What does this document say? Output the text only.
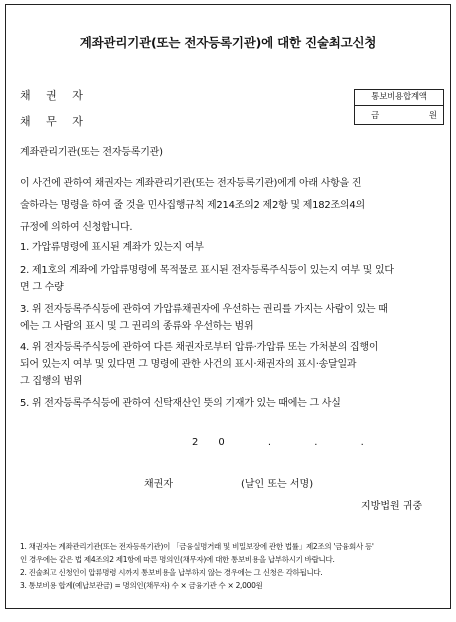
계좌관리기관(또는 전자등록기관)에 대한 진술최고신청
채 권 자
채 무 자
통보비용합계액
금	원
계좌관리기관(또는 전자등록기관)

이 사건에 관하여 채권자는 계좌관리기관(또는 전자등록기관)에게 아래 사항을 진

술하라는 명령을 하여 줄 것을 민사집행규칙 제214조의2 제2항 및 제182조의4의

규정에 의하여 신청합니다.

1. 가압류명령에 표시된 계좌가 있는지 여부

2. 제1호의 계좌에 가압류명령에 목적물로 표시된 전자등록주식등이 있는지 여부 및 있다

면 그 수량

3. 위 전자등록주식등에 관하여 가압류채권자에 우선하는 권리를 가지는 사람이 있는 때

에는 그 사람의 표시 및 그 권리의 종류와 우선하는 범위

4. 위 전자등록주식등에 관하여 다른 채권자로부터 압류·가압류 또는 가처분의 집행이

되어 있는지 여부 및 있다면 그 명령에 관한 사건의 표시·채권자의 표시·송달일과

그 집행의 범위

5. 위 전자등록주식등에 관하여 신탁재산인 뜻의 기재가 있는 때에는 그 사실

20 . . .
채권자	(날인 또는 서명)
지방법원 귀중

1. 채권자는 계좌관리기관(또는 전자등록기관)이 「금융실명거래 및 비밀보장에 관한 법률」제2조의 '금융회사 등'

인 경우에는 같은 법 제4조의2 제1항에 따른 명의인(채무자)에 대한 통보비용을 납부하시기 바랍니다.

2. 진술최고 신청인이 압류명령 시까지 통보비용을 납부하지 않는 경우에는 그 신청은 각하됩니다.

3. 통보비용 합계(예납보관금) = 명의인(채무자) 수 × 금융기관 수 × 2,000원
